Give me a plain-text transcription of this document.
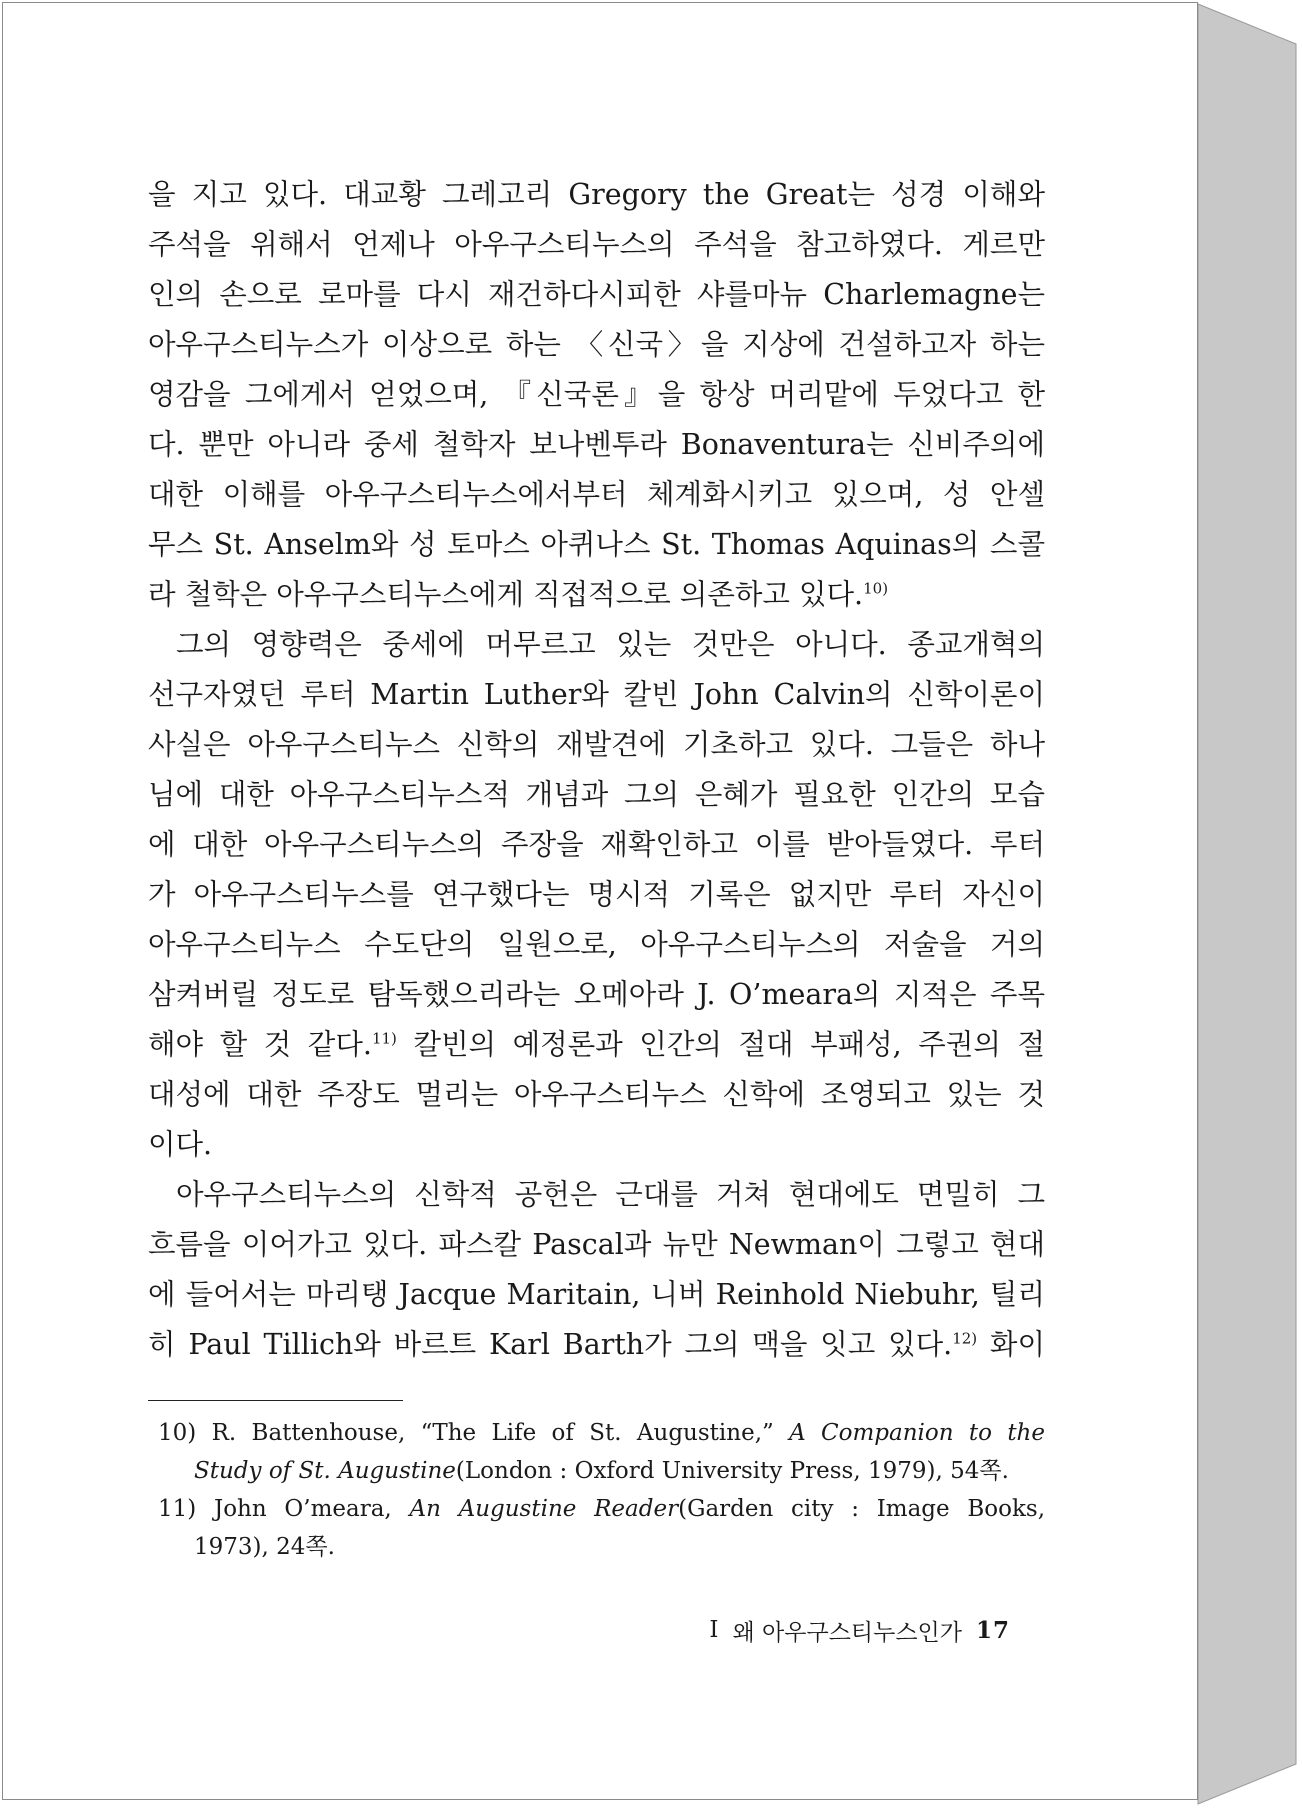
을 지고 있다. 대교황 그레고리 Gregory the Great는 성경 이해와
주석을 위해서 언제나 아우구스티누스의 주석을 참고하였다. 게르만
인의 손으로 로마를 다시 재건하다시피한 샤를마뉴 Charlemagne는
아우구스티누스가 이상으로 하는 〈신국〉을 지상에 건설하고자 하는
영감을 그에게서 얻었으며, 『신국론』을 항상 머리맡에 두었다고 한
다. 뿐만 아니라 중세 철학자 보나벤투라 Bonaventura는 신비주의에
대한 이해를 아우구스티누스에서부터 체계화시키고 있으며, 성 안셀
무스 St. Anselm와 성 토마스 아퀴나스 St. Thomas Aquinas의 스콜
라 철학은 아우구스티누스에게 직접적으로 의존하고 있다.$^{10)}$
그의 영향력은 중세에 머무르고 있는 것만은 아니다. 종교개혁의
선구자였던 루터 Martin Luther와 칼빈 John Calvin의 신학이론이
사실은 아우구스티누스 신학의 재발견에 기초하고 있다. 그들은 하나
님에 대한 아우구스티누스적 개념과 그의 은혜가 필요한 인간의 모습
에 대한 아우구스티누스의 주장을 재확인하고 이를 받아들였다. 루터
가 아우구스티누스를 연구했다는 명시적 기록은 없지만 루터 자신이
아우구스티누스 수도단의 일원으로, 아우구스티누스의 저술을 거의
삼켜버릴 정도로 탐독했으리라는 오메아라 J. O’meara의 지적은 주목
해야 할 것 같다.$^{11)}$ 칼빈의 예정론과 인간의 절대 부패성, 주권의 절
대성에 대한 주장도 멀리는 아우구스티누스 신학에 조영되고 있는 것
이다.
아우구스티누스의 신학적 공헌은 근대를 거쳐 현대에도 면밀히 그
흐름을 이어가고 있다. 파스칼 Pascal과 뉴만 Newman이 그렇고 현대
에 들어서는 마리탱 Jacque Maritain, 니버 Reinhold Niebuhr, 틸리
히 Paul Tillich와 바르트 Karl Barth가 그의 맥을 잇고 있다.$^{12)}$ 화이
10) R. Battenhouse, “The Life of St. Augustine,” A Companion to the
Study of St. Augustine(London : Oxford University Press, 1979), 54쪽.
11) John O’meara, An Augustine Reader(Garden city : Image Books,
1973), 24쪽.
I 왜 아우구스티누스인가 17
